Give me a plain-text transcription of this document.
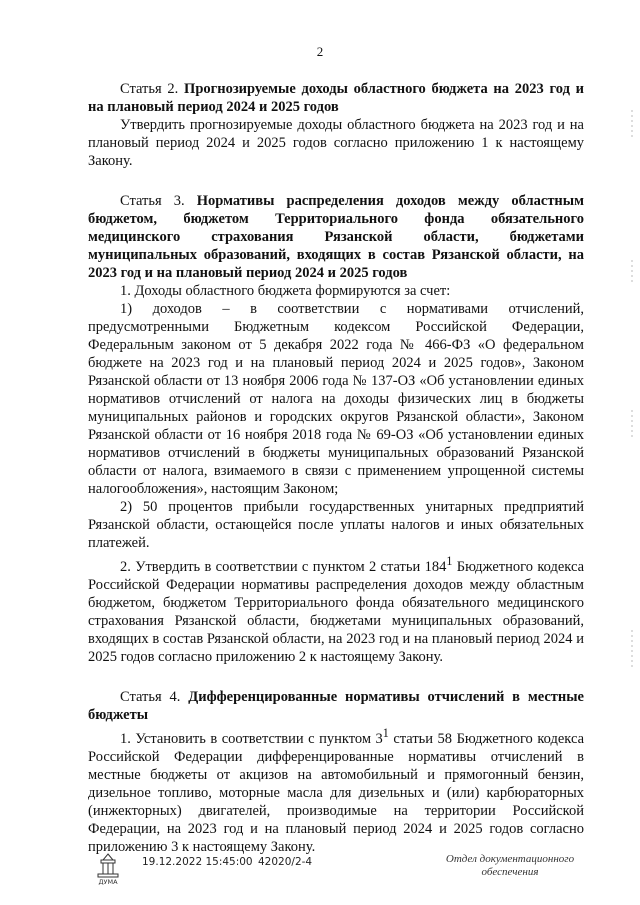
2

Статья 2. Прогнозируемые доходы областного бюджета на 2023 год и на плановый период 2024 и 2025 годов

Утвердить прогнозируемые доходы областного бюджета на 2023 год и на плановый период 2024 и 2025 годов согласно приложению 1 к настоящему Закону.

Статья 3. Нормативы распределения доходов между областным бюджетом, бюджетом Территориального фонда обязательного медицинского страхования Рязанской области, бюджетами муниципальных образований, входящих в состав Рязанской области, на 2023 год и на плановый период 2024 и 2025 годов

1. Доходы областного бюджета формируются за счет:

1) доходов – в соответствии с нормативами отчислений, предусмотренными Бюджетным кодексом Российской Федерации, Федеральным законом от 5 декабря 2022 года № 466-ФЗ «О федеральном бюджете на 2023 год и на плановый период 2024 и 2025 годов», Законом Рязанской области от 13 ноября 2006 года № 137-ОЗ «Об установлении единых нормативов отчислений от налога на доходы физических лиц в бюджеты муниципальных районов и городских округов Рязанской области», Законом Рязанской области от 16 ноября 2018 года № 69-ОЗ «Об установлении единых нормативов отчислений в бюджеты муниципальных образований Рязанской области от налога, взимаемого в связи с применением упрощенной системы налогообложения», настоящим Законом;

2) 50 процентов прибыли государственных унитарных предприятий Рязанской области, остающейся после уплаты налогов и иных обязательных платежей.

2. Утвердить в соответствии с пунктом 2 статьи $184^1$ Бюджетного кодекса Российской Федерации нормативы распределения доходов между областным бюджетом, бюджетом Территориального фонда обязательного медицинского страхования Рязанской области, бюджетами муниципальных образований, входящих в состав Рязанской области, на 2023 год и на плановый период 2024 и 2025 годов согласно приложению 2 к настоящему Закону.

Статья 4. Дифференцированные нормативы отчислений в местные бюджеты

1. Установить в соответствии с пунктом $3^1$ статьи 58 Бюджетного кодекса Российской Федерации дифференцированные нормативы отчислений в местные бюджеты от акцизов на автомобильный и прямогонный бензин, дизельное топливо, моторные масла для дизельных и (или) карбюраторных (инжекторных) двигателей, производимые на территории Российской Федерации, на 2023 год и на плановый период 2024 и 2025 годов согласно приложению 3 к настоящему Закону.

ДУМА
19.12.2022 15:45:00 42020/2-4	Отдел документационного
обеспечения
